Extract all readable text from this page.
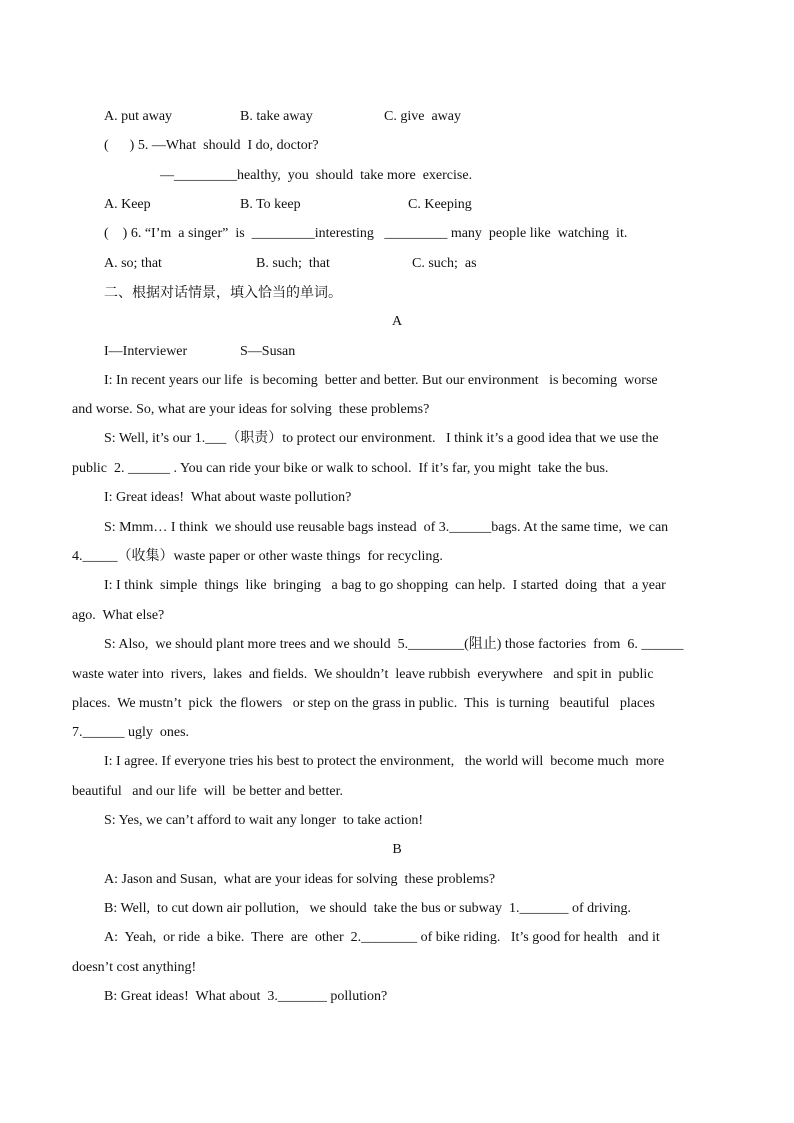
A. put away	B. take away	C. give  away
(      ) 5. —What  should  I do, doctor?
—_________healthy,  you  should  take more  exercise.
A. Keep	B. To keep	C. Keeping
(    ) 6. “I’m  a singer”  is  _________interesting   _________ many  people like  watching  it.
A. so; that	B. such;  that	C. such;  as
二、根据对话情景，填入恰当的单词。
A
I—Interviewer	S—Susan
I: In recent years our life  is becoming  better and better. But our environment   is becoming  worse
and worse. So, what are your ideas for solving  these problems?
S: Well, it’s our 1.___（职责）to protect our environment.   I think it’s a good idea that we use the
public  2. ______ . You can ride your bike or walk to school.  If it’s far, you might  take the bus.
I: Great ideas!  What about waste pollution?
S: Mmm… I think  we should use reusable bags instead  of 3.______bags. At the same time,  we can
4._____（收集）waste paper or other waste things  for recycling.
I: I think  simple  things  like  bringing   a bag to go shopping  can help.  I started  doing  that  a year
ago.  What else?
S: Also,  we should plant more trees and we should  5.________(阻止) those factories  from  6. ______
waste water into  rivers,  lakes  and fields.  We shouldn’t  leave rubbish  everywhere   and spit in  public
places.  We mustn’t  pick  the flowers   or step on the grass in public.  This  is turning   beautiful   places
7.______ ugly  ones.
I: I agree. If everyone tries his best to protect the environment,   the world will  become much  more
beautiful   and our life  will  be better and better.
S: Yes, we can’t afford to wait any longer  to take action!
B
A: Jason and Susan,  what are your ideas for solving  these problems?
B: Well,  to cut down air pollution,   we should  take the bus or subway  1._______ of driving.
A:  Yeah,  or ride  a bike.  There  are  other  2.________ of bike riding.   It’s good for health   and it
doesn’t cost anything!
B: Great ideas!  What about  3._______ pollution?
